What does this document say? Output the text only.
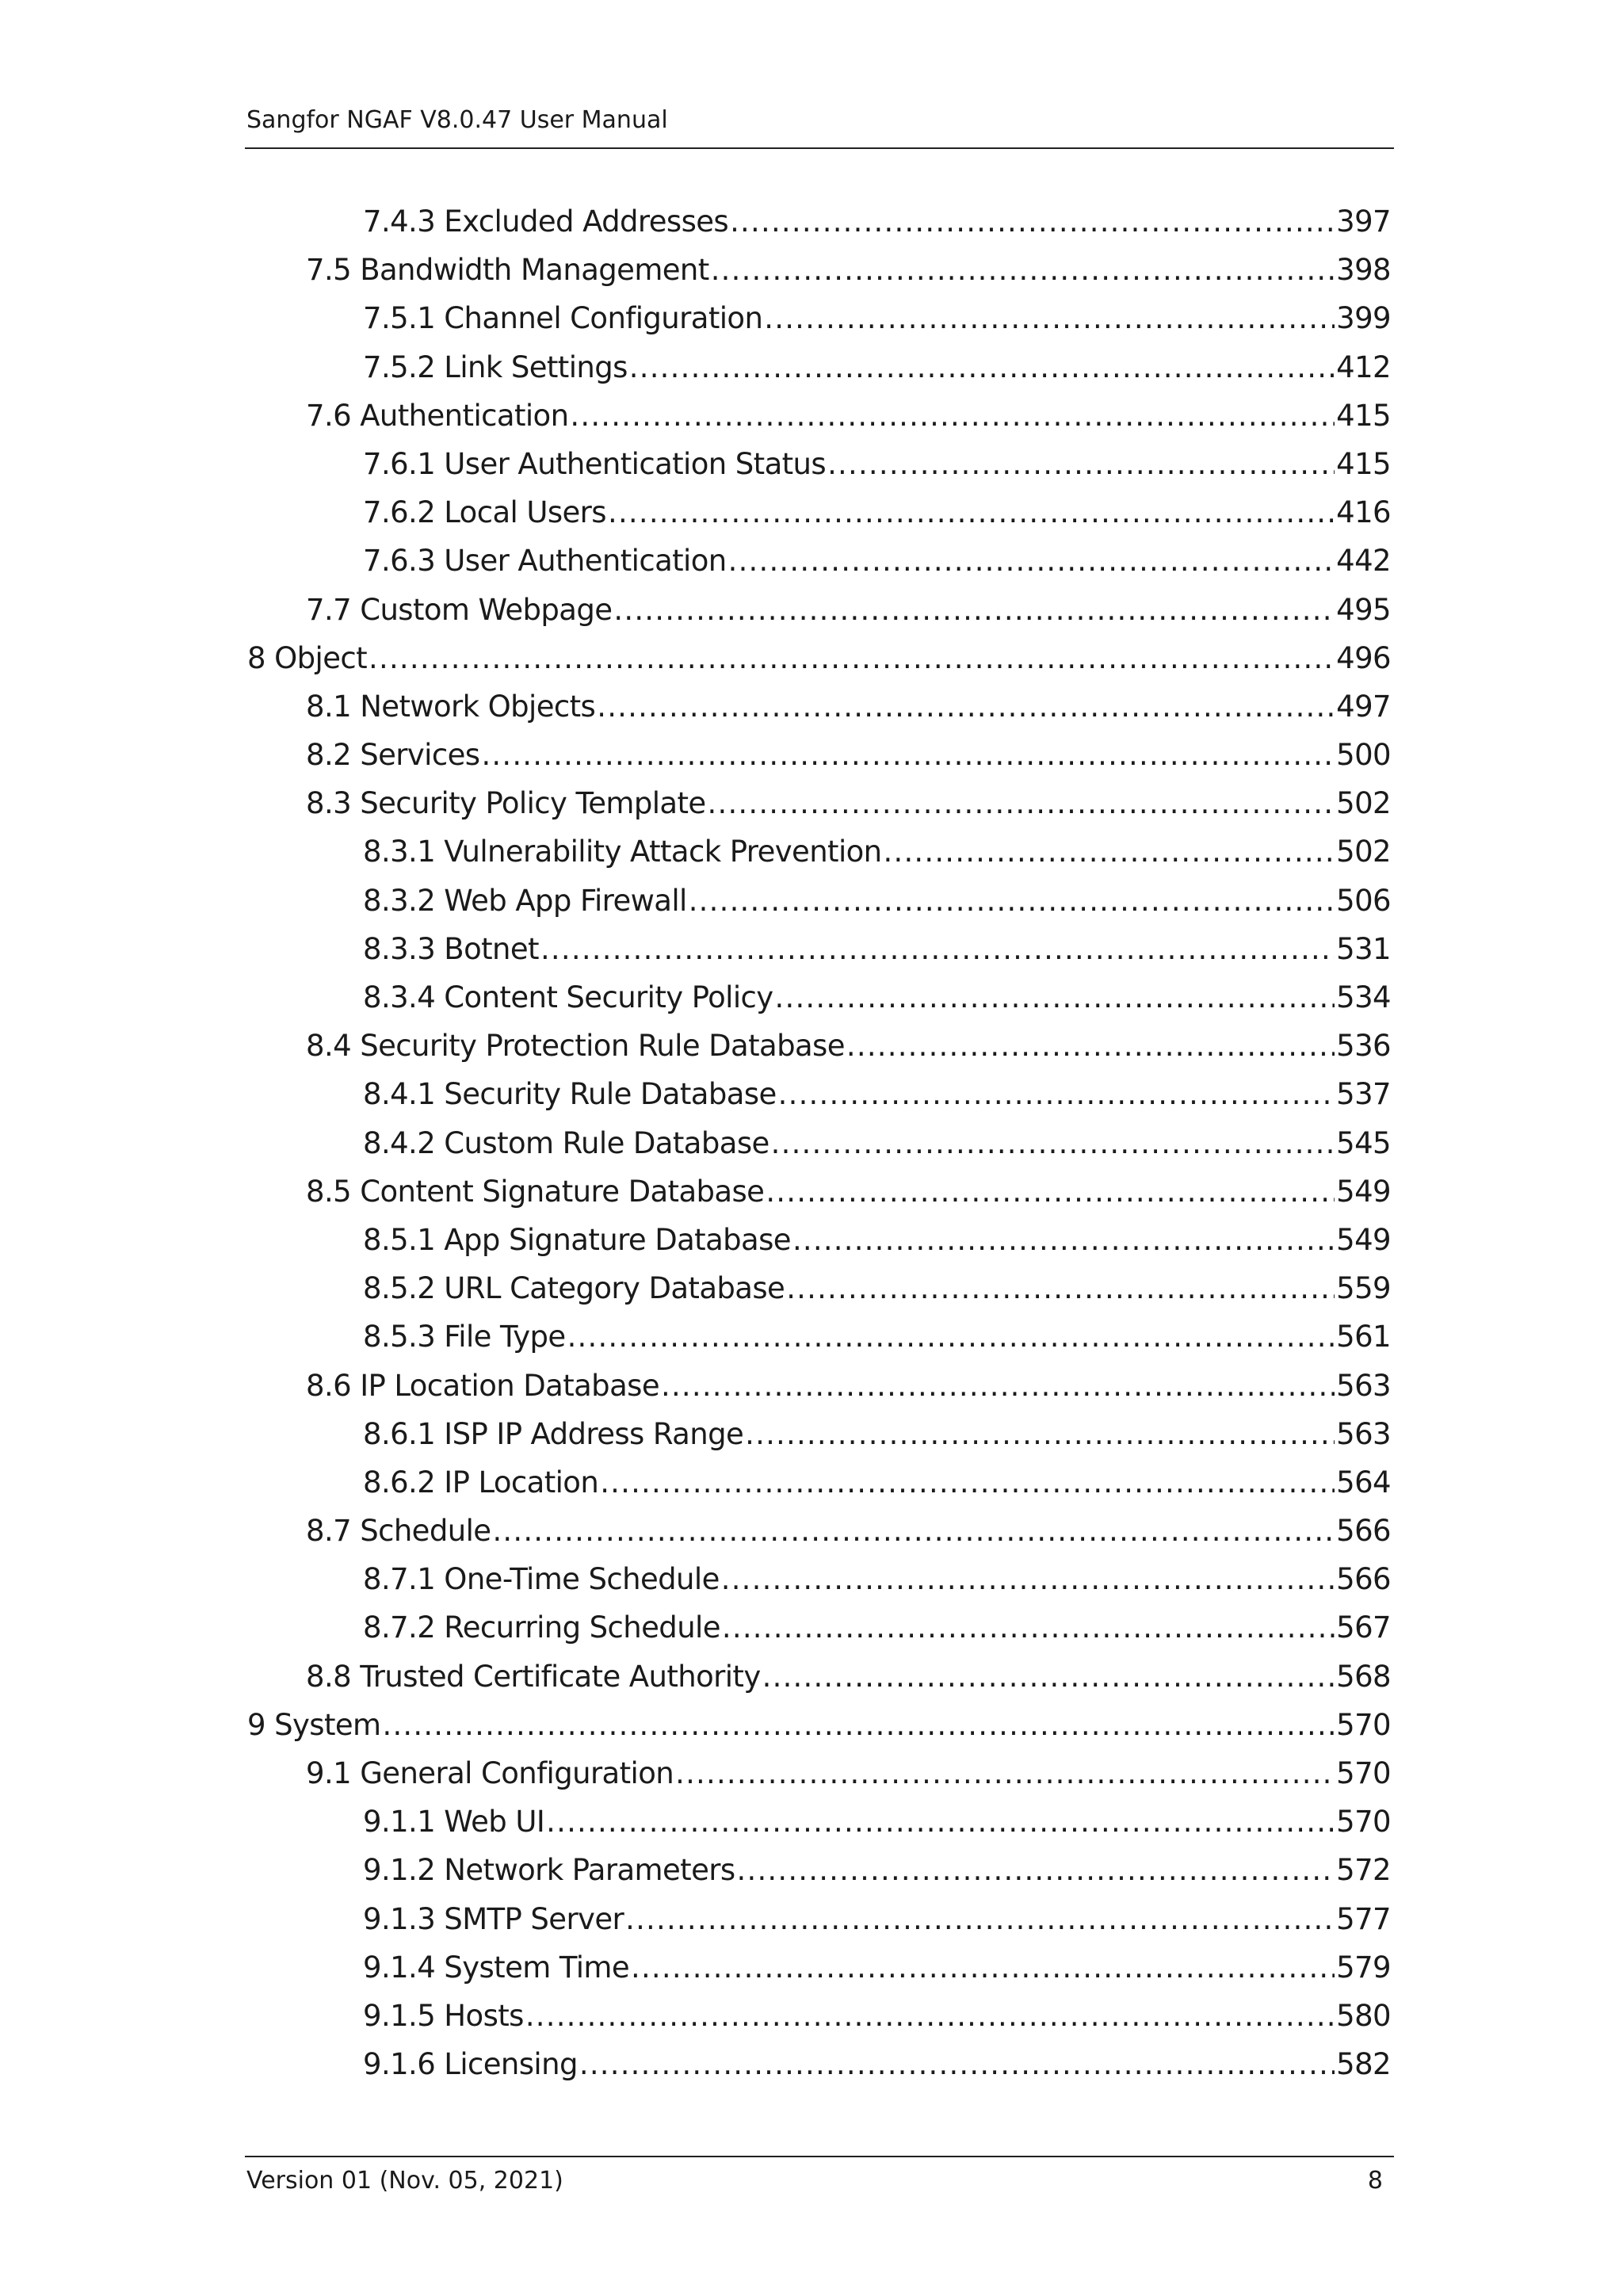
Sangfor NGAF V8.0.47 User Manual
7.4.3 Excluded Addresses .....	397
7.5 Bandwidth Management .....	398
7.5.1 Channel Configuration .....	399
7.5.2 Link Settings .....	412
7.6 Authentication .....	415
7.6.1 User Authentication Status .....	415
7.6.2 Local Users .....	416
7.6.3 User Authentication .....	442
7.7 Custom Webpage .....	495
8 Object .....	496
8.1 Network Objects .....	497
8.2 Services .....	500
8.3 Security Policy Template .....	502
8.3.1 Vulnerability Attack Prevention .....	502
8.3.2 Web App Firewall .....	506
8.3.3 Botnet .....	531
8.3.4 Content Security Policy .....	534
8.4 Security Protection Rule Database .....	536
8.4.1 Security Rule Database .....	537
8.4.2 Custom Rule Database .....	545
8.5 Content Signature Database .....	549
8.5.1 App Signature Database .....	549
8.5.2 URL Category Database .....	559
8.5.3 File Type .....	561
8.6 IP Location Database .....	563
8.6.1 ISP IP Address Range .....	563
8.6.2 IP Location .....	564
8.7 Schedule .....	566
8.7.1 One-Time Schedule .....	566
8.7.2 Recurring Schedule .....	567
8.8 Trusted Certificate Authority .....	568
9 System .....	570
9.1 General Configuration .....	570
9.1.1 Web UI .....	570
9.1.2 Network Parameters .....	572
9.1.3 SMTP Server .....	577
9.1.4 System Time .....	579
9.1.5 Hosts .....	580
9.1.6 Licensing .....	582
Version 01 (Nov. 05, 2021)	8
